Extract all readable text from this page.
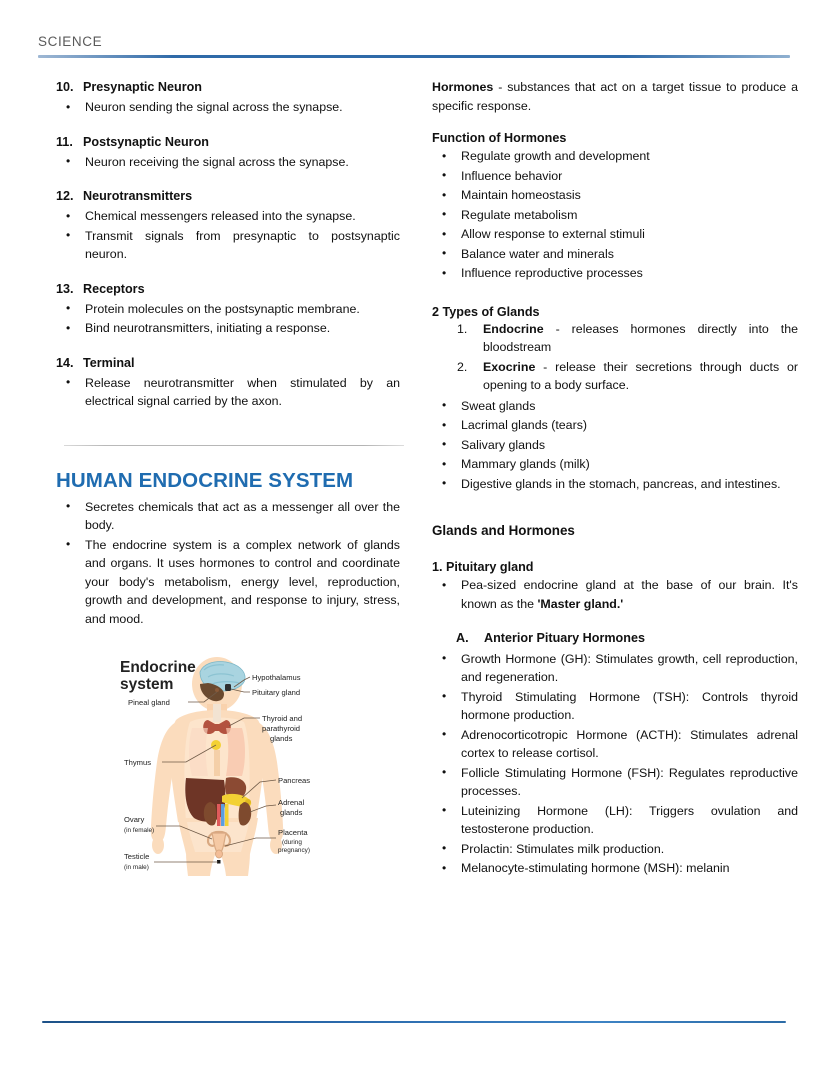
SCIENCE
10. Presynaptic Neuron
• Neuron sending the signal across the synapse.
11. Postsynaptic Neuron
• Neuron receiving the signal across the synapse.
12. Neurotransmitters
• Chemical messengers released into the synapse.
• Transmit signals from presynaptic to postsynaptic neuron.
13. Receptors
• Protein molecules on the postsynaptic membrane.
• Bind neurotransmitters, initiating a response.
14. Terminal
• Release neurotransmitter when stimulated by an electrical signal carried by the axon.
HUMAN ENDOCRINE SYSTEM
• Secretes chemicals that act as a messenger all over the body.
• The endocrine system is a complex network of glands and organs. It uses hormones to control and coordinate your body's metabolism, energy level, reproduction, growth and development, and response to injury, stress, and mood.
Endocrine
system	Hypothalamus
Pituitary gland
Pineal gland
Thyroid and
parathyroid
glands
Thymus
Pancreas
Adrenal
glands
Ovary
(in female)	Placenta
(during
pregnancy)
Testicle
(in male)
Hormones - substances that act on a target tissue to produce a specific response.
Function of Hormones
• Regulate growth and development
• Influence behavior
• Maintain homeostasis
• Regulate metabolism
• Allow response to external stimuli
• Balance water and minerals
• Influence reproductive processes
2 Types of Glands
1.	Endocrine - releases hormones directly into the bloodstream
2.	Exocrine - release their secretions through ducts or opening to a body surface.
• Sweat glands
• Lacrimal glands (tears)
• Salivary glands
• Mammary glands (milk)
• Digestive glands in the stomach, pancreas, and intestines.
Glands and Hormones
1. Pituitary gland
• Pea-sized endocrine gland at the base of our brain. It's known as the 'Master gland.'
A.	Anterior Pituary Hormones
• Growth Hormone (GH): Stimulates growth, cell reproduction, and regeneration.
• Thyroid Stimulating Hormone (TSH): Controls thyroid hormone production.
• Adrenocorticotropic Hormone (ACTH): Stimulates adrenal cortex to release cortisol.
• Follicle Stimulating Hormone (FSH): Regulates reproductive processes.
• Luteinizing Hormone (LH): Triggers ovulation and testosterone production.
• Prolactin: Stimulates milk production.
• Melanocyte-stimulating hormone (MSH): melanin
